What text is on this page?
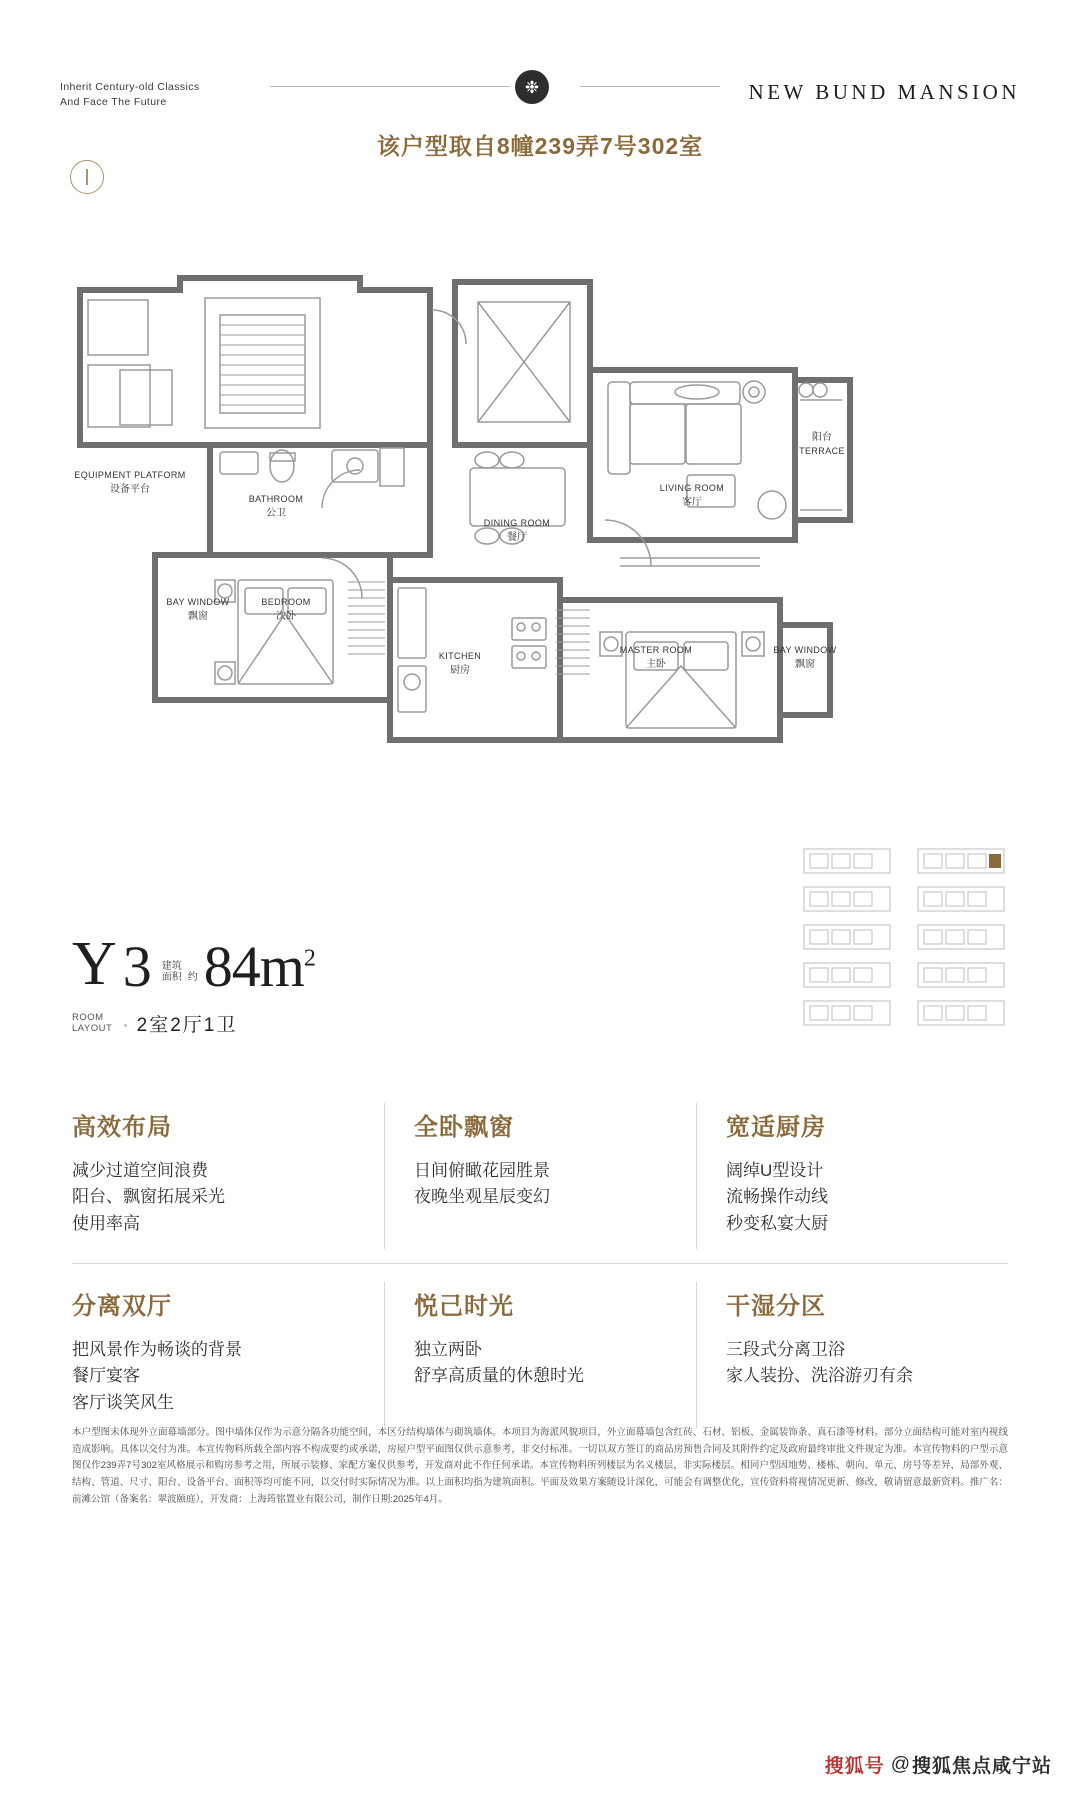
Inherit Century-old Classics
And Face The Future
❉	NEW BUND MANSION
该户型取自8幢239弄7号302室
EQUIPMENT PLATFORM
设备平台
BATHROOM
公卫
DINING ROOM
餐厅
LIVING ROOM
客厅
阳台
TERRACE
BAY WINDOW
飘窗
BEDROOM
次卧
KITCHEN
厨房
MASTER ROOM
主卧
BAY WINDOW
飘窗
Y 3 建筑
面积 约 $84m^2$
ROOM
LAYOUT · 2室2厅1卫
高效布局

减少过道空间浪费

阳台、飘窗拓展采光

使用率高

全卧飘窗

日间俯瞰花园胜景

夜晚坐观星辰变幻

宽适厨房

阔绰U型设计

流畅操作动线

秒变私宴大厨

分离双厅

把风景作为畅谈的背景

餐厅宴客

客厅谈笑风生

悦己时光

独立两卧

舒享高质量的休憩时光

干湿分区

三段式分离卫浴

家人装扮、洗浴游刃有余

本户型图未体现外立面幕墙部分。图中墙体仅作为示意分隔各功能空间，本区分结构墙体与砌筑墙体。本项目为海派风貌项目，外立面幕墙包含红砖、石材、铝板、金属装饰条、真石漆等材料。部分立面结构可能对室内视线造成影响。具体以交付为准。本宣传物料所载全部内容不构成要约或承诺，房屋户型平面图仅供示意参考，非交付标准。一切以双方签订的商品房预售合同及其附件约定及政府最终审批文件规定为准。本宣传物料的户型示意图仅作239弄7号302室风格展示和购房参考之用，所展示装修、家配方案仅供参考，开发商对此不作任何承诺。本宣传物料所列楼层为名义楼层，非实际楼层。相同户型因地势、楼栋、朝向、单元、房号等差异，局部外观、结构、管道、尺寸、阳台、设备平台、面积等均可能不同，以交付时实际情况为准。以上面积均指为建筑面积。平面及效果方案随设计深化，可能会有调整优化，宣传资料将视情况更新、修改，敬请留意最新资料。推广名：前滩公馆（备案名：翠波颐庭），开发商：上海筠铭置业有限公司，制作日期:2025年4月。
搜狐号 @ 搜狐焦点咸宁站
